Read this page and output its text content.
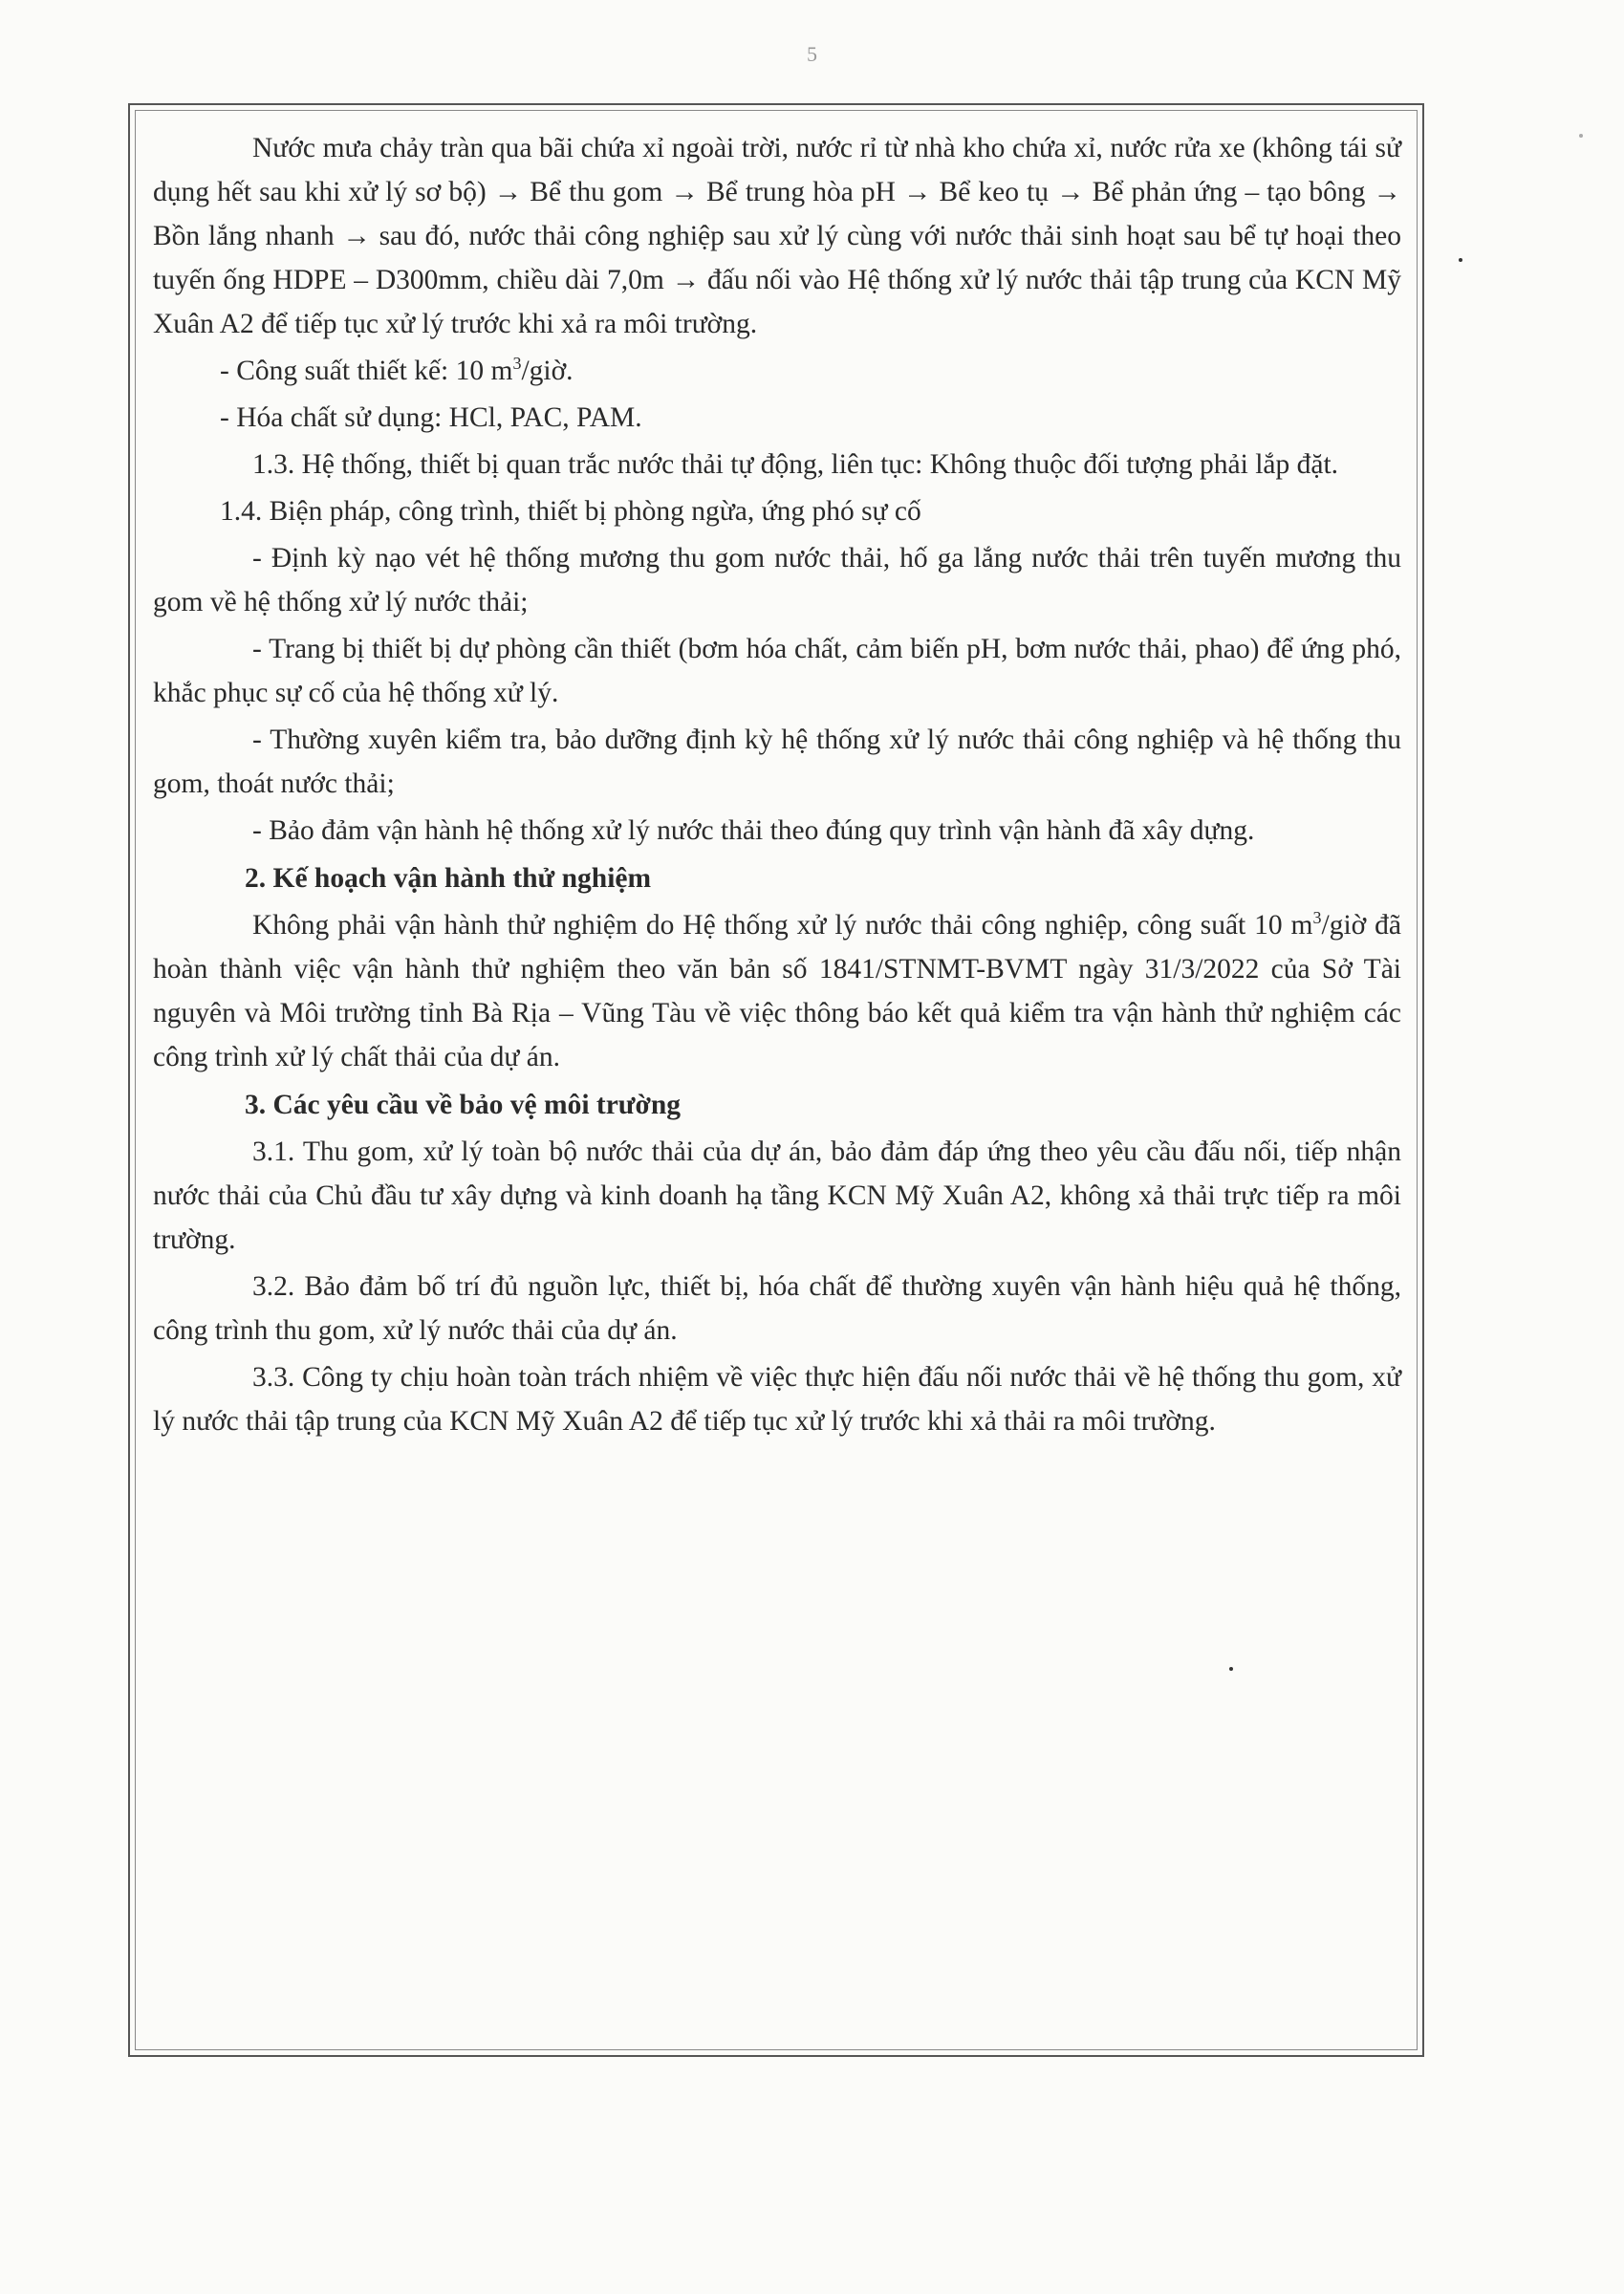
5

Nước mưa chảy tràn qua bãi chứa xỉ ngoài trời, nước rỉ từ nhà kho chứa xỉ, nước rửa xe (không tái sử dụng hết sau khi xử lý sơ bộ) → Bể thu gom → Bể trung hòa pH → Bể keo tụ → Bể phản ứng – tạo bông → Bồn lắng nhanh → sau đó, nước thải công nghiệp sau xử lý cùng với nước thải sinh hoạt sau bể tự hoại theo tuyến ống HDPE – D300mm, chiều dài 7,0m → đấu nối vào Hệ thống xử lý nước thải tập trung của KCN Mỹ Xuân A2 để tiếp tục xử lý trước khi xả ra môi trường.

- Công suất thiết kế: 10 $m^3$/giờ.

- Hóa chất sử dụng: HCl, PAC, PAM.

1.3. Hệ thống, thiết bị quan trắc nước thải tự động, liên tục: Không thuộc đối tượng phải lắp đặt.

1.4. Biện pháp, công trình, thiết bị phòng ngừa, ứng phó sự cố

- Định kỳ nạo vét hệ thống mương thu gom nước thải, hố ga lắng nước thải trên tuyến mương thu gom về hệ thống xử lý nước thải;

- Trang bị thiết bị dự phòng cần thiết (bơm hóa chất, cảm biến pH, bơm nước thải, phao) để ứng phó, khắc phục sự cố của hệ thống xử lý.

- Thường xuyên kiểm tra, bảo dưỡng định kỳ hệ thống xử lý nước thải công nghiệp và hệ thống thu gom, thoát nước thải;

- Bảo đảm vận hành hệ thống xử lý nước thải theo đúng quy trình vận hành đã xây dựng.

2. Kế hoạch vận hành thử nghiệm

Không phải vận hành thử nghiệm do Hệ thống xử lý nước thải công nghiệp, công suất 10 $m^3$/giờ đã hoàn thành việc vận hành thử nghiệm theo văn bản số 1841/STNMT-BVMT ngày 31/3/2022 của Sở Tài nguyên và Môi trường tỉnh Bà Rịa – Vũng Tàu về việc thông báo kết quả kiểm tra vận hành thử nghiệm các công trình xử lý chất thải của dự án.

3. Các yêu cầu về bảo vệ môi trường

3.1. Thu gom, xử lý toàn bộ nước thải của dự án, bảo đảm đáp ứng theo yêu cầu đấu nối, tiếp nhận nước thải của Chủ đầu tư xây dựng và kinh doanh hạ tầng KCN Mỹ Xuân A2, không xả thải trực tiếp ra môi trường.

3.2. Bảo đảm bố trí đủ nguồn lực, thiết bị, hóa chất để thường xuyên vận hành hiệu quả hệ thống, công trình thu gom, xử lý nước thải của dự án.

3.3. Công ty chịu hoàn toàn trách nhiệm về việc thực hiện đấu nối nước thải về hệ thống thu gom, xử lý nước thải tập trung của KCN Mỹ Xuân A2 để tiếp tục xử lý trước khi xả thải ra môi trường.
